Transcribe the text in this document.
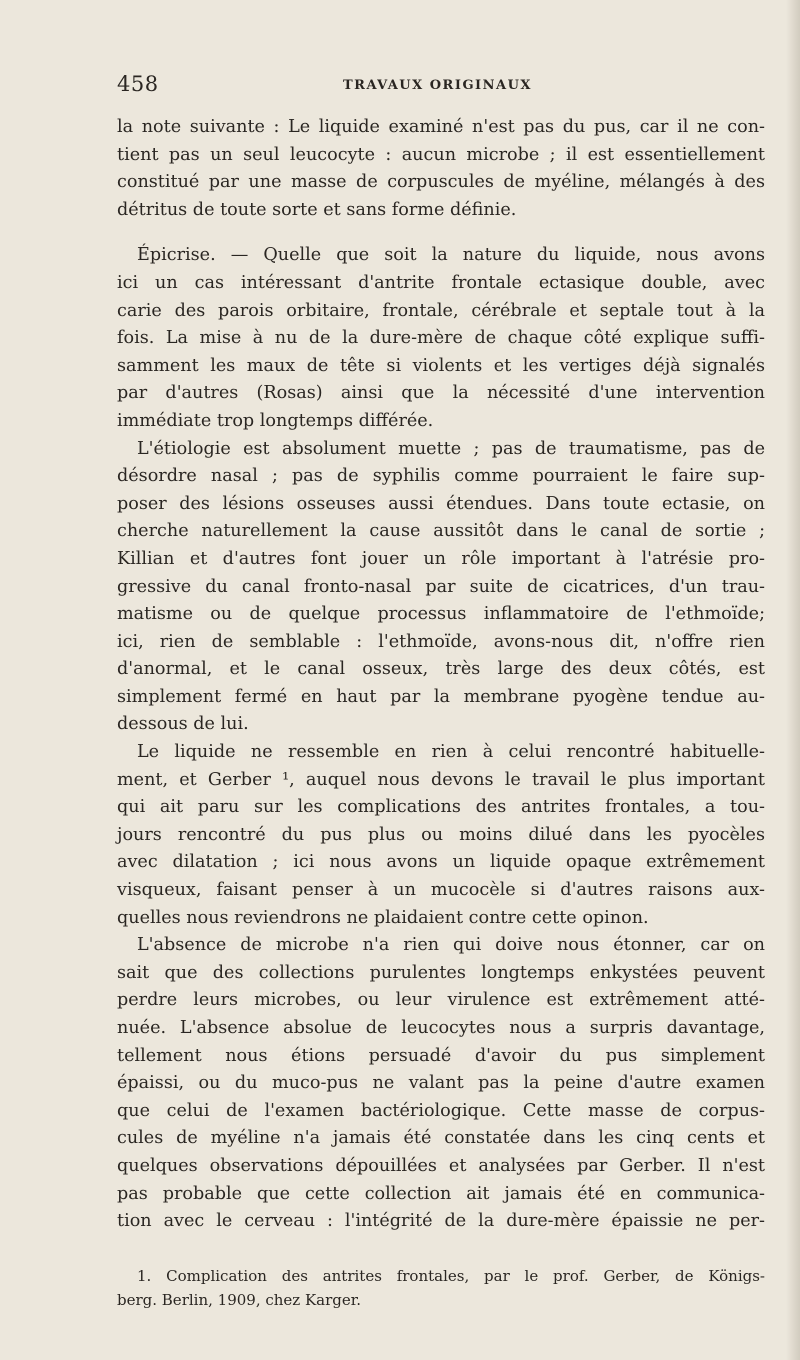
458	TRAVAUX ORIGINAUX
la note suivante : Le liquide examiné n'est pas du pus, car il ne con-
tient pas un seul leucocyte : aucun microbe ; il est essentiellement
constitué par une masse de corpuscules de myéline, mélangés à des
détritus de toute sorte et sans forme définie.
Épicrise. — Quelle que soit la nature du liquide, nous avons
ici un cas intéressant d'antrite frontale ectasique double, avec
carie des parois orbitaire, frontale, cérébrale et septale tout à la
fois. La mise à nu de la dure-mère de chaque côté explique suffi-
samment les maux de tête si violents et les vertiges déjà signalés
par d'autres (Rosas) ainsi que la nécessité d'une intervention
immédiate trop longtemps différée.
L'étiologie est absolument muette ; pas de traumatisme, pas de
désordre nasal ; pas de syphilis comme pourraient le faire sup-
poser des lésions osseuses aussi étendues. Dans toute ectasie, on
cherche naturellement la cause aussitôt dans le canal de sortie ;
Killian et d'autres font jouer un rôle important à l'atrésie pro-
gressive du canal fronto-nasal par suite de cicatrices, d'un trau-
matisme ou de quelque processus inflammatoire de l'ethmoïde;
ici, rien de semblable : l'ethmoïde, avons-nous dit, n'offre rien
d'anormal, et le canal osseux, très large des deux côtés, est
simplement fermé en haut par la membrane pyogène tendue au-
dessous de lui.
Le liquide ne ressemble en rien à celui rencontré habituelle-
ment, et Gerber ¹, auquel nous devons le travail le plus important
qui ait paru sur les complications des antrites frontales, a tou-
jours rencontré du pus plus ou moins dilué dans les pyocèles
avec dilatation ; ici nous avons un liquide opaque extrêmement
visqueux, faisant penser à un mucocèle si d'autres raisons aux-
quelles nous reviendrons ne plaidaient contre cette opinon.
L'absence de microbe n'a rien qui doive nous étonner, car on
sait que des collections purulentes longtemps enkystées peuvent
perdre leurs microbes, ou leur virulence est extrêmement atté-
nuée. L'absence absolue de leucocytes nous a surpris davantage,
tellement nous étions persuadé d'avoir du pus simplement
épaissi, ou du muco-pus ne valant pas la peine d'autre examen
que celui de l'examen bactériologique. Cette masse de corpus-
cules de myéline n'a jamais été constatée dans les cinq cents et
quelques observations dépouillées et analysées par Gerber. Il n'est
pas probable que cette collection ait jamais été en communica-
tion avec le cerveau : l'intégrité de la dure-mère épaissie ne per-
1. Complication des antrites frontales, par le prof. Gerber, de Königs-
berg. Berlin, 1909, chez Karger.
